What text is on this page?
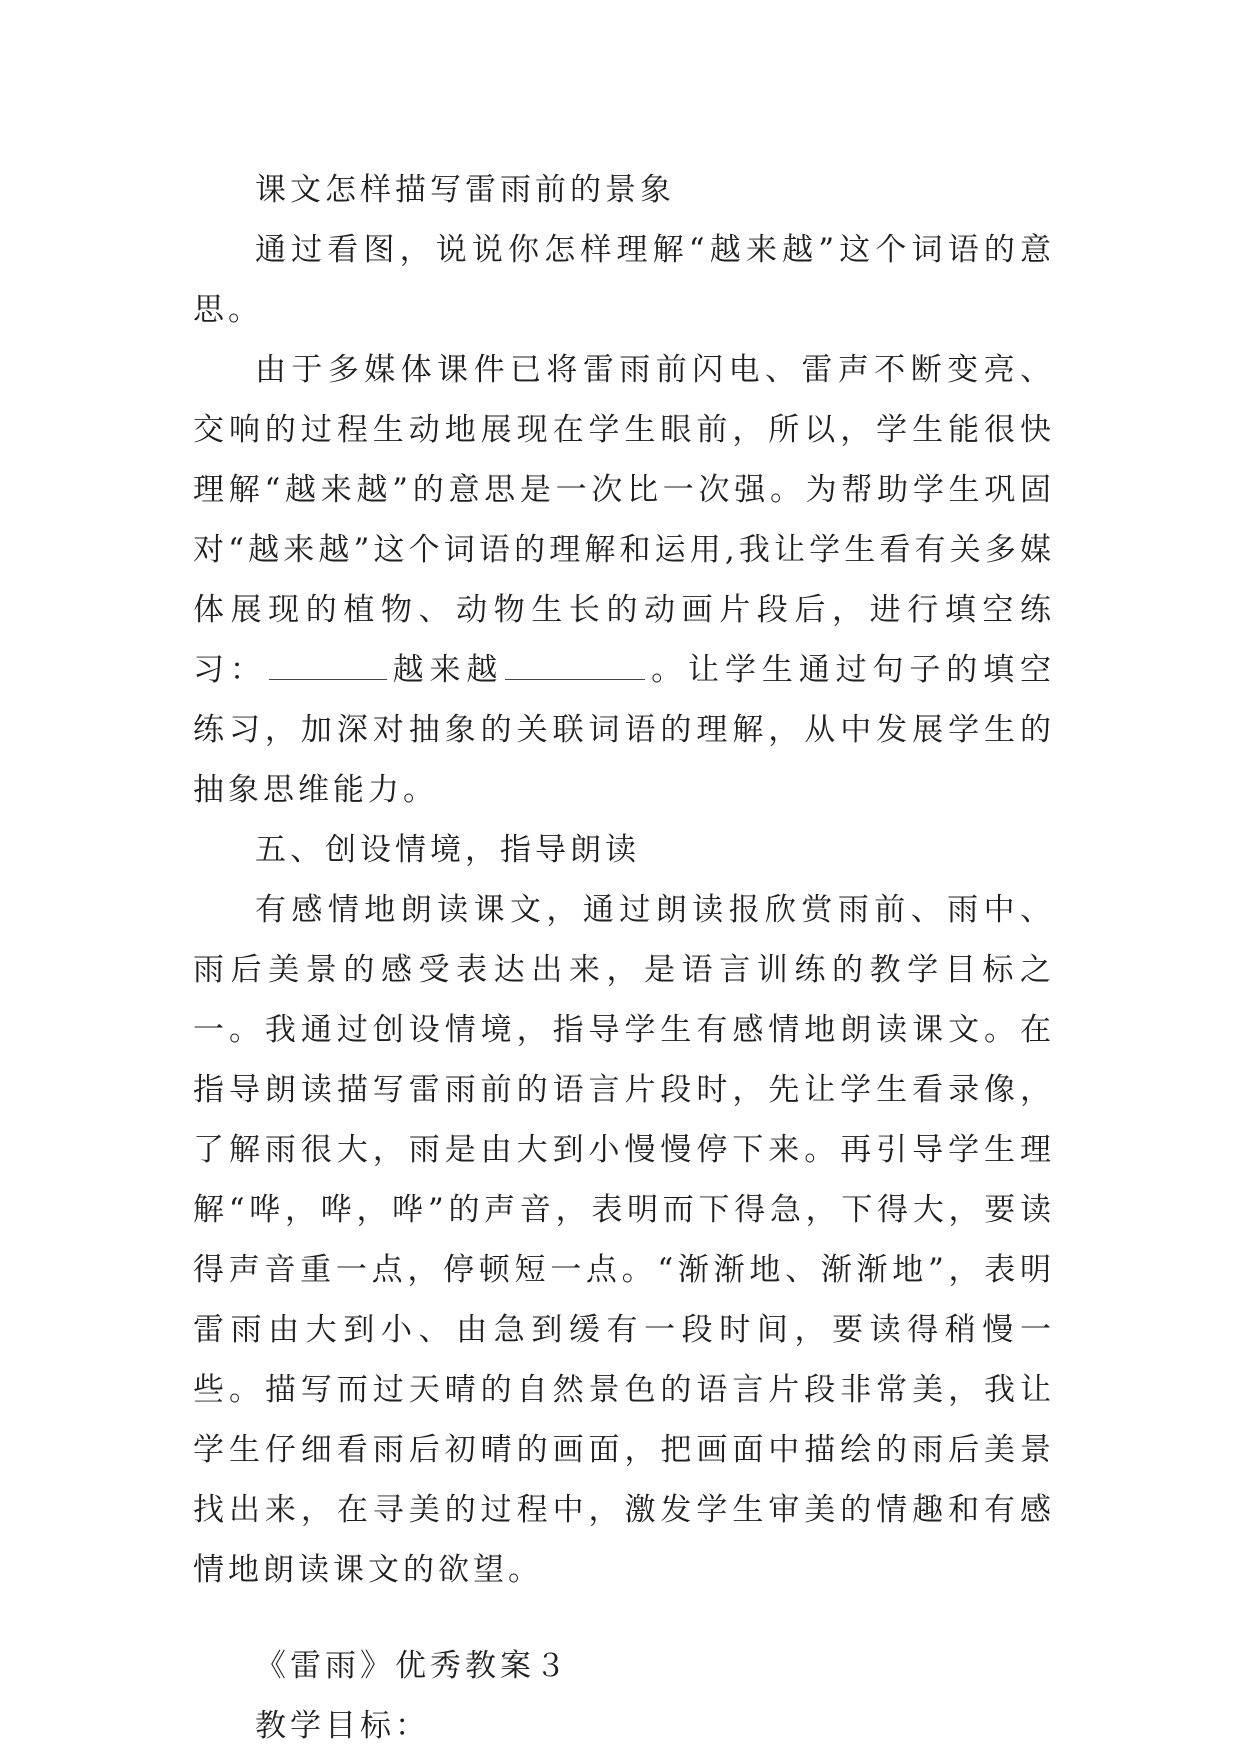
课文怎样描写雷雨前的景象

通过看图，说说你怎样理解“越来越”这个词语的意思。

由于多媒体课件已将雷雨前闪电、雷声不断变亮、交响的过程生动地展现在学生眼前，所以，学生能很快理解“越来越”的意思是一次比一次强。为帮助学生巩固对“越来越”这个词语的理解和运用,我让学生看有关多媒体展现的植物、动物生长的动画片段后，进行填空练习：	越来越	。让学生通过句子的填空练习，加深对抽象的关联词语的理解，从中发展学生的抽象思维能力。

五、创设情境，指导朗读

有感情地朗读课文，通过朗读报欣赏雨前、雨中、雨后美景的感受表达出来，是语言训练的教学目标之一。我通过创设情境，指导学生有感情地朗读课文。在指导朗读描写雷雨前的语言片段时，先让学生看录像，了解雨很大，雨是由大到小慢慢停下来。再引导学生理解“哗，哗，哗”的声音，表明而下得急，下得大，要读得声音重一点，停顿短一点。“渐渐地、渐渐地”，表明雷雨由大到小、由急到缓有一段时间，要读得稍慢一些。描写而过天晴的自然景色的语言片段非常美，我让学生仔细看雨后初晴的画面，把画面中描绘的雨后美景找出来，在寻美的过程中，激发学生审美的情趣和有感情地朗读课文的欲望。

《雷雨》优秀教案３

教学目标：
